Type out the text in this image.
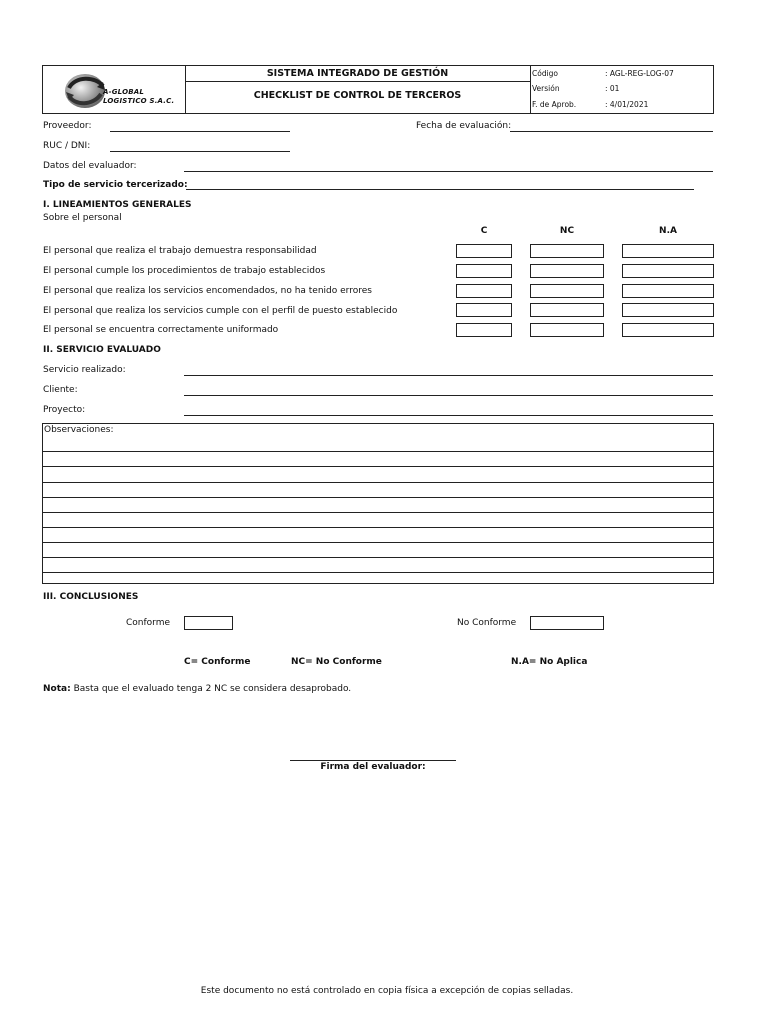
A-GLOBAL
LOGISTICO S.A.C.
SISTEMA INTEGRADO DE GESTIÓN
CHECKLIST DE CONTROL DE TERCEROS
Código	: AGL-REG-LOG-07
Versión	: 01
F. de Aprob.	: 4/01/2021
Proveedor:	Fecha de evaluación:
RUC / DNI:
Datos del evaluador:
Tipo de servicio tercerizado:
I. LINEAMIENTOS GENERALES
Sobre el personal
C	NC	N.A
El personal que realiza el trabajo demuestra responsabilidad
El personal cumple los procedimientos de trabajo establecidos
El personal que realiza los servicios encomendados, no ha tenido errores
El personal que realiza los servicios cumple con el perfil de puesto establecido
El personal se encuentra correctamente uniformado
II. SERVICIO EVALUADO
Servicio realizado:
Cliente:
Proyecto:
Observaciones:
III. CONCLUSIONES
Conforme	No Conforme
C= Conforme	NC= No Conforme	N.A= No Aplica
Nota: Basta que el evaluado tenga 2 NC se considera desaprobado.
Firma del evaluador:
Este documento no está controlado en copia física a excepción de copias selladas.
